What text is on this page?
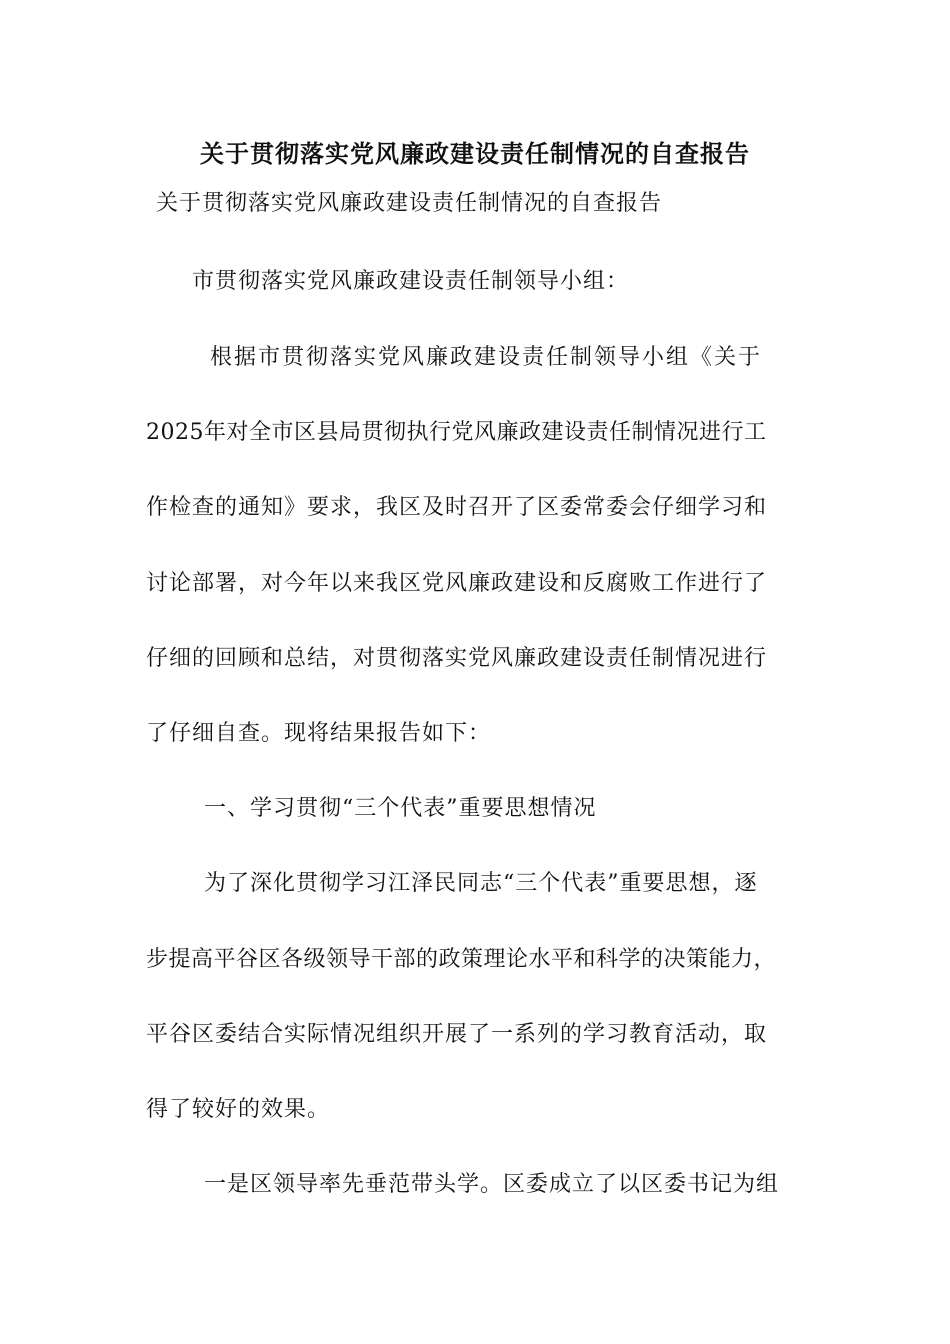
关于贯彻落实党风廉政建设责任制情况的自查报告
关于贯彻落实党风廉政建设责任制情况的自查报告
市贯彻落实党风廉政建设责任制领导小组：
根据市贯彻落实党风廉政建设责任制领导小组《关于
2025年对全市区县局贯彻执行党风廉政建设责任制情况进行工
作检查的通知》要求，我区及时召开了区委常委会仔细学习和
讨论部署，对今年以来我区党风廉政建设和反腐败工作进行了
仔细的回顾和总结，对贯彻落实党风廉政建设责任制情况进行
了仔细自查。现将结果报告如下：
一、学习贯彻“三个代表”重要思想情况
为了深化贯彻学习江泽民同志“三个代表”重要思想，逐
步提高平谷区各级领导干部的政策理论水平和科学的决策能力，
平谷区委结合实际情况组织开展了一系列的学习教育活动，取
得了较好的效果。
一是区领导率先垂范带头学。区委成立了以区委书记为组
